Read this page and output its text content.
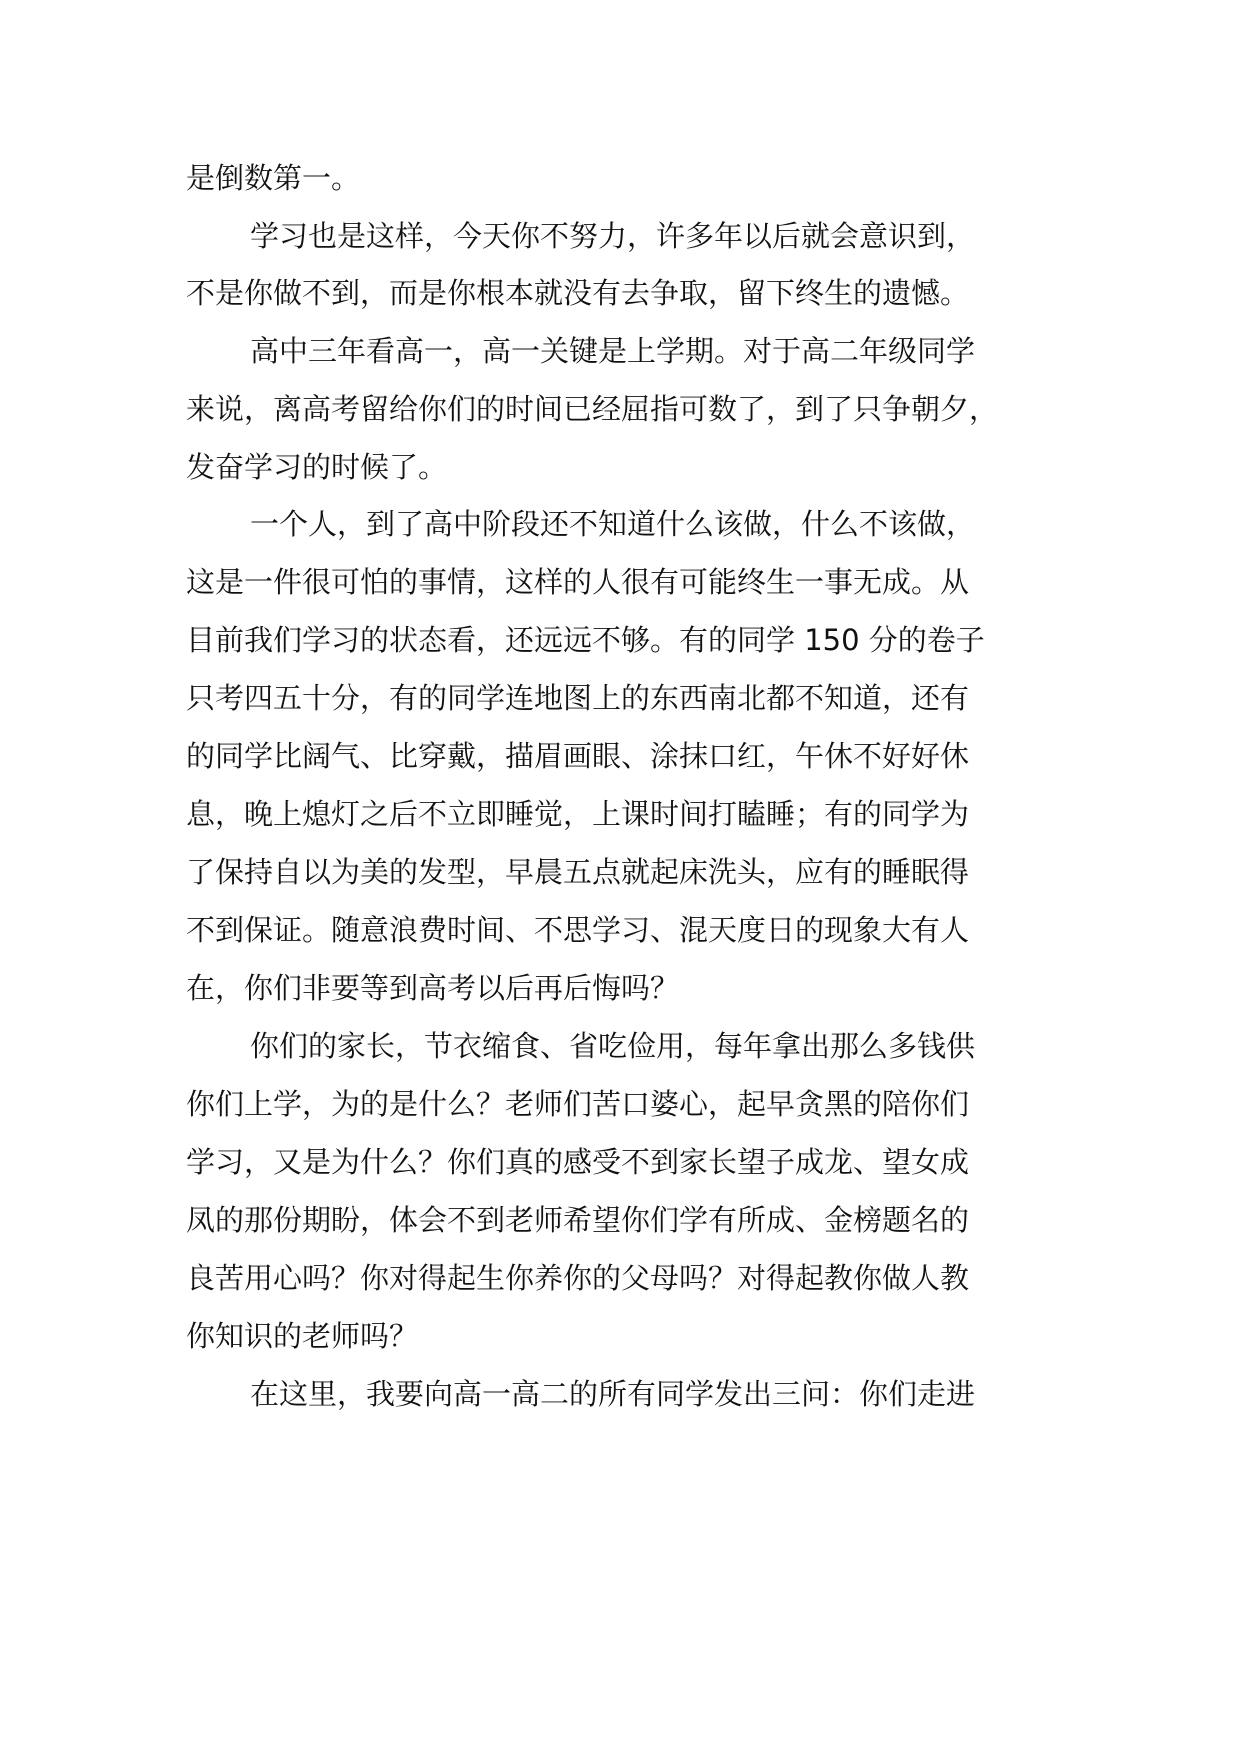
是倒数第一。

学习也是这样，今天你不努力，许多年以后就会意识到，

不是你做不到，而是你根本就没有去争取，留下终生的遗憾。

高中三年看高一，高一关键是上学期。对于高二年级同学

来说，离高考留给你们的时间已经屈指可数了，到了只争朝夕，

发奋学习的时候了。

一个人，到了高中阶段还不知道什么该做，什么不该做，

这是一件很可怕的事情，这样的人很有可能终生一事无成。从

目前我们学习的状态看，还远远不够。有的同学 150 分的卷子

只考四五十分，有的同学连地图上的东西南北都不知道，还有

的同学比阔气、比穿戴，描眉画眼、涂抹口红，午休不好好休

息，晚上熄灯之后不立即睡觉，上课时间打瞌睡；有的同学为

了保持自以为美的发型，早晨五点就起床洗头，应有的睡眠得

不到保证。随意浪费时间、不思学习、混天度日的现象大有人

在，你们非要等到高考以后再后悔吗？

你们的家长，节衣缩食、省吃俭用，每年拿出那么多钱供

你们上学，为的是什么？老师们苦口婆心，起早贪黑的陪你们

学习，又是为什么？你们真的感受不到家长望子成龙、望女成

凤的那份期盼，体会不到老师希望你们学有所成、金榜题名的

良苦用心吗？你对得起生你养你的父母吗？对得起教你做人教

你知识的老师吗？

在这里，我要向高一高二的所有同学发出三问：你们走进
